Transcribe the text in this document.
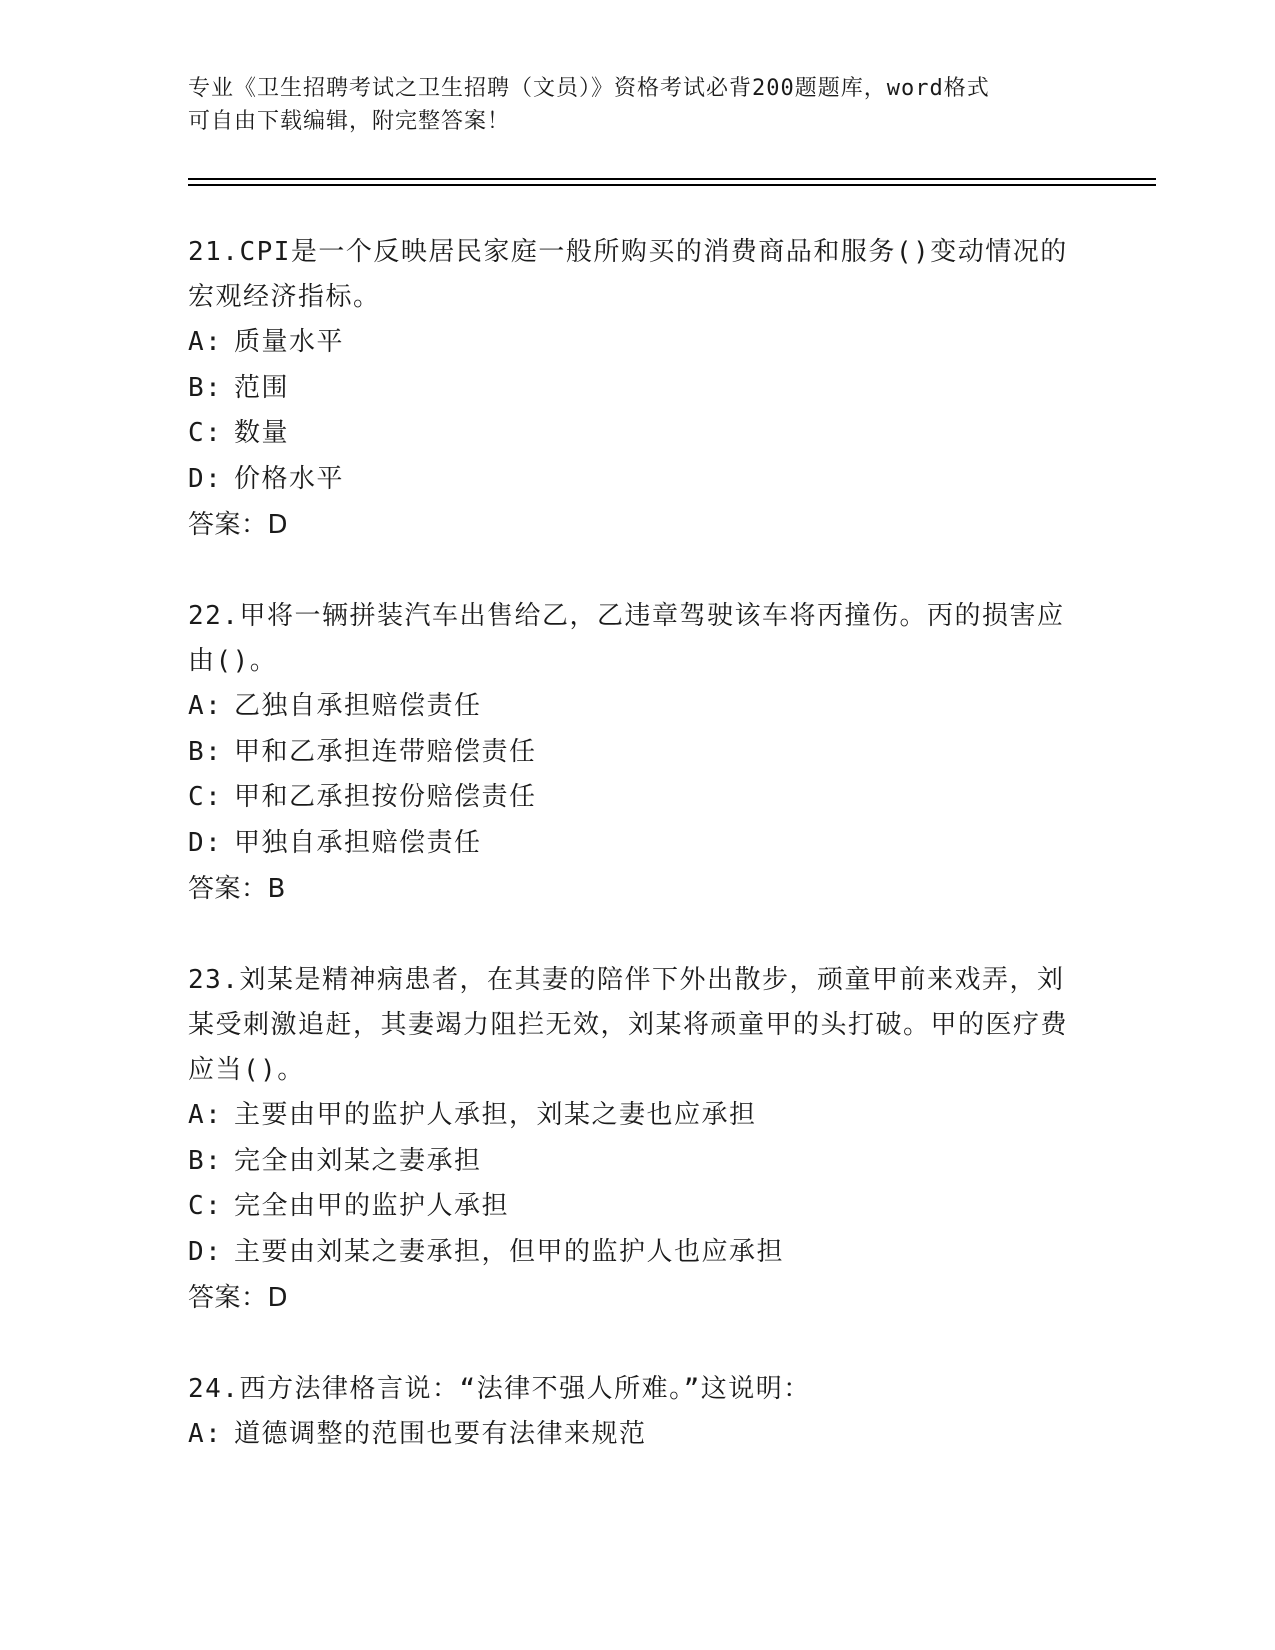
专业《卫生招聘考试之卫生招聘（文员）》资格考试必背200题题库，word格式
可自由下载编辑，附完整答案！
21.CPI是一个反映居民家庭一般所购买的消费商品和服务()变动情况的宏观经济指标。
A: 质量水平
B: 范围
C: 数量
D: 价格水平
答案：D
22.甲将一辆拼装汽车出售给乙，乙违章驾驶该车将丙撞伤。丙的损害应由()。
A: 乙独自承担赔偿责任
B: 甲和乙承担连带赔偿责任
C: 甲和乙承担按份赔偿责任
D: 甲独自承担赔偿责任
答案：B
23.刘某是精神病患者，在其妻的陪伴下外出散步，顽童甲前来戏弄，刘某受刺激追赶，其妻竭力阻拦无效，刘某将顽童甲的头打破。甲的医疗费应当()。
A: 主要由甲的监护人承担，刘某之妻也应承担
B: 完全由刘某之妻承担
C: 完全由甲的监护人承担
D: 主要由刘某之妻承担，但甲的监护人也应承担
答案：D
24.西方法律格言说：“法律不强人所难。”这说明：
A: 道德调整的范围也要有法律来规范
